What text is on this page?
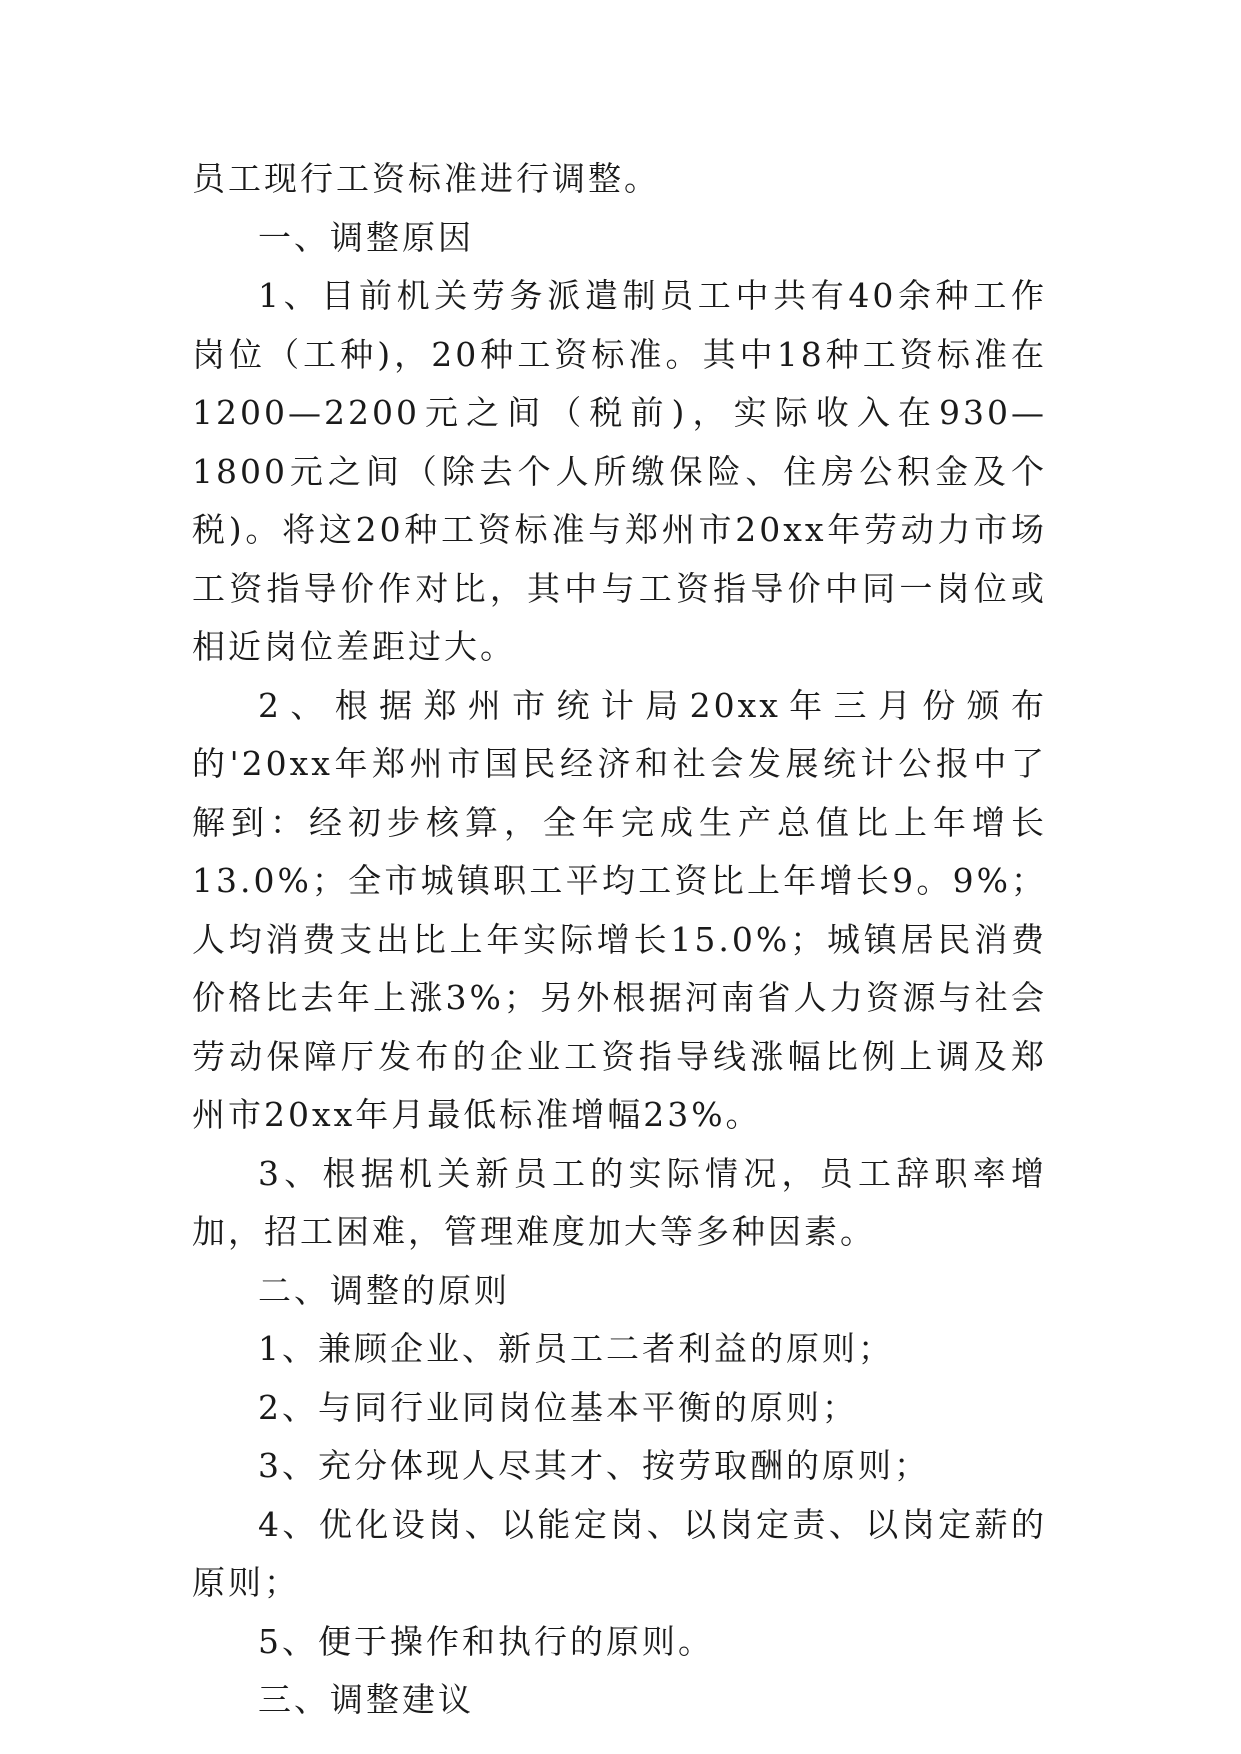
员工现行工资标准进行调整。

一、调整原因

1、目前机关劳务派遣制员工中共有40余种工作岗位（工种)，20种工资标准。其中18种工资标准在1200—2200元之间（税前)，实际收入在930—1800元之间（除去个人所缴保险、住房公积金及个税)。将这20种工资标准与郑州市20xx年劳动力市场工资指导价作对比，其中与工资指导价中同一岗位或相近岗位差距过大。

2、根据郑州市统计局20xx年三月份颁布的'20xx年郑州市国民经济和社会发展统计公报中了解到：经初步核算，全年完成生产总值比上年增长13.0%；全市城镇职工平均工资比上年增长9。9%；人均消费支出比上年实际增长15.0%；城镇居民消费价格比去年上涨3%；另外根据河南省人力资源与社会劳动保障厅发布的企业工资指导线涨幅比例上调及郑州市20xx年月最低标准增幅23%。

3、根据机关新员工的实际情况，员工辞职率增加，招工困难，管理难度加大等多种因素。

二、调整的原则

1、兼顾企业、新员工二者利益的原则；

2、与同行业同岗位基本平衡的原则；

3、充分体现人尽其才、按劳取酬的原则；

4、优化设岗、以能定岗、以岗定责、以岗定薪的原则；

5、便于操作和执行的原则。

三、调整建议
